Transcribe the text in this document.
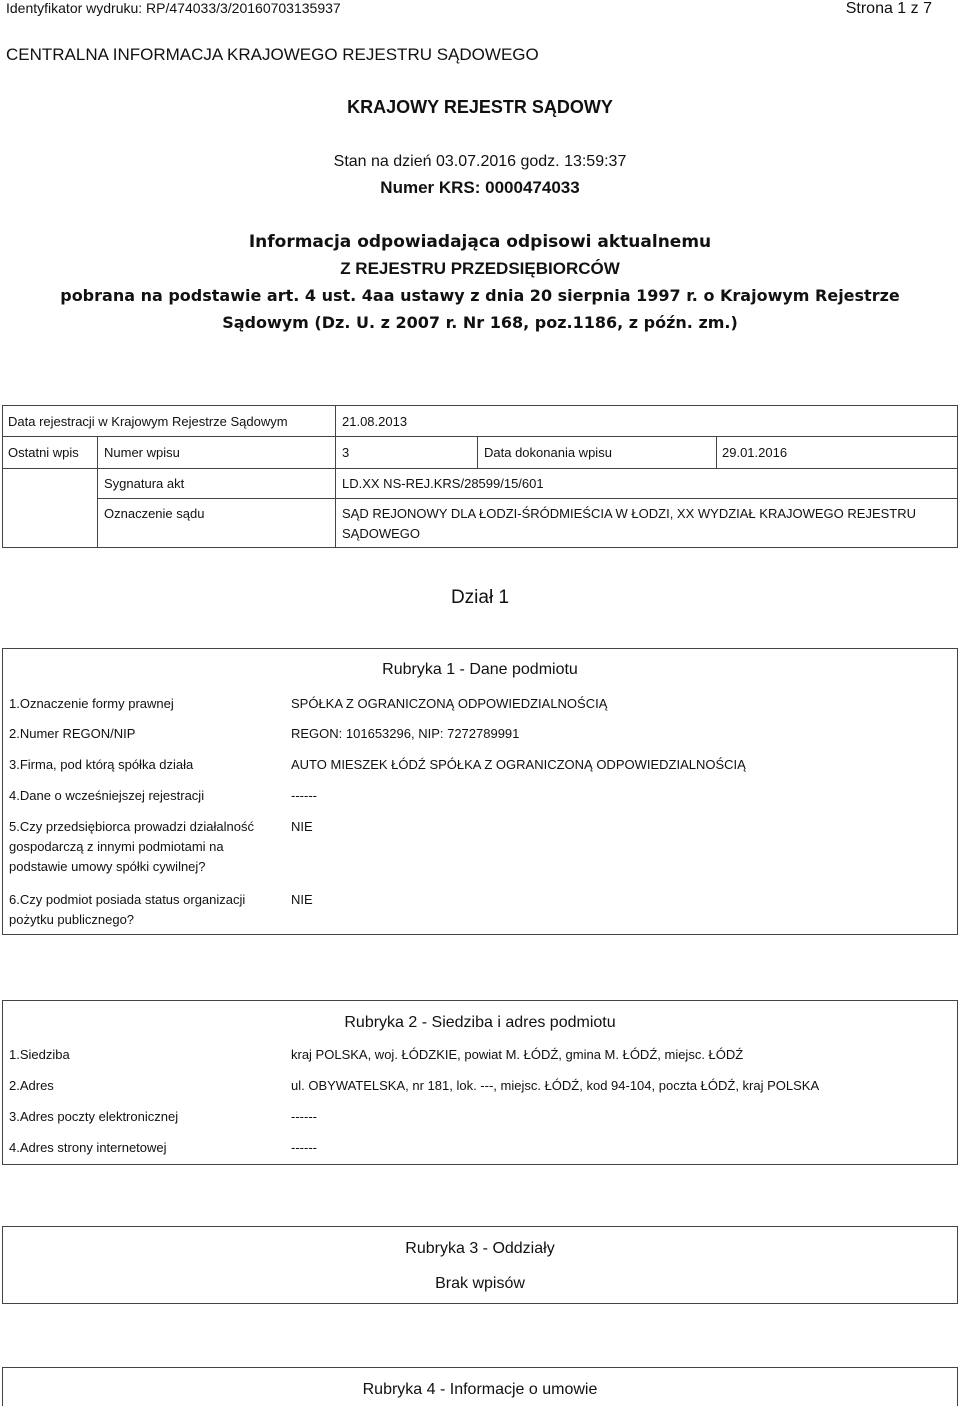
Identyfikator wydruku: RP/474033/3/20160703135937	Strona 1 z 7
CENTRALNA INFORMACJA KRAJOWEGO REJESTRU SĄDOWEGO
KRAJOWY REJESTR SĄDOWY
Stan na dzień 03.07.2016 godz. 13:59:37
Numer KRS: 0000474033
Informacja odpowiadająca odpisowi aktualnemu
Z REJESTRU PRZEDSIĘBIORCÓW
pobrana na podstawie art. 4 ust. 4aa ustawy z dnia 20 sierpnia 1997 r. o Krajowym Rejestrze
Sądowym (Dz. U. z 2007 r. Nr 168, poz.1186, z późn. zm.)
Data rejestracji w Krajowym Rejestrze Sądowym	21.08.2013
Ostatni wpis Numer wpisu	3	Data dokonania wpisu	29.01.2016
Sygnatura akt	LD.XX NS-REJ.KRS/28599/15/601
Oznaczenie sądu	SĄD REJONOWY DLA ŁODZI-ŚRÓDMIEŚCIA W ŁODZI, XX WYDZIAŁ KRAJOWEGO REJESTRU SĄDOWEGO
Dział 1
Rubryka 1 - Dane podmiotu
1.Oznaczenie formy prawnej	SPÓŁKA Z OGRANICZONĄ ODPOWIEDZIALNOŚCIĄ
2.Numer REGON/NIP	REGON: 101653296, NIP: 7272789991
3.Firma, pod którą spółka działa	AUTO MIESZEK ŁÓDŹ SPÓŁKA Z OGRANICZONĄ ODPOWIEDZIALNOŚCIĄ
4.Dane o wcześniejszej rejestracji	------
5.Czy przedsiębiorca prowadzi działalność gospodarczą z innymi podmiotami na podstawie umowy spółki cywilnej?
NIE
6.Czy podmiot posiada status organizacji pożytku publicznego?
NIE
Rubryka 2 - Siedziba i adres podmiotu
1.Siedziba	kraj POLSKA, woj. ŁÓDZKIE, powiat M. ŁÓDŹ, gmina M. ŁÓDŹ, miejsc. ŁÓDŹ
2.Adres	ul. OBYWATELSKA, nr 181, lok. ---, miejsc. ŁÓDŹ, kod 94-104, poczta ŁÓDŹ, kraj POLSKA
3.Adres poczty elektronicznej	------
4.Adres strony internetowej	------
Rubryka 3 - Oddziały
Brak wpisów
Rubryka 4 - Informacje o umowie
